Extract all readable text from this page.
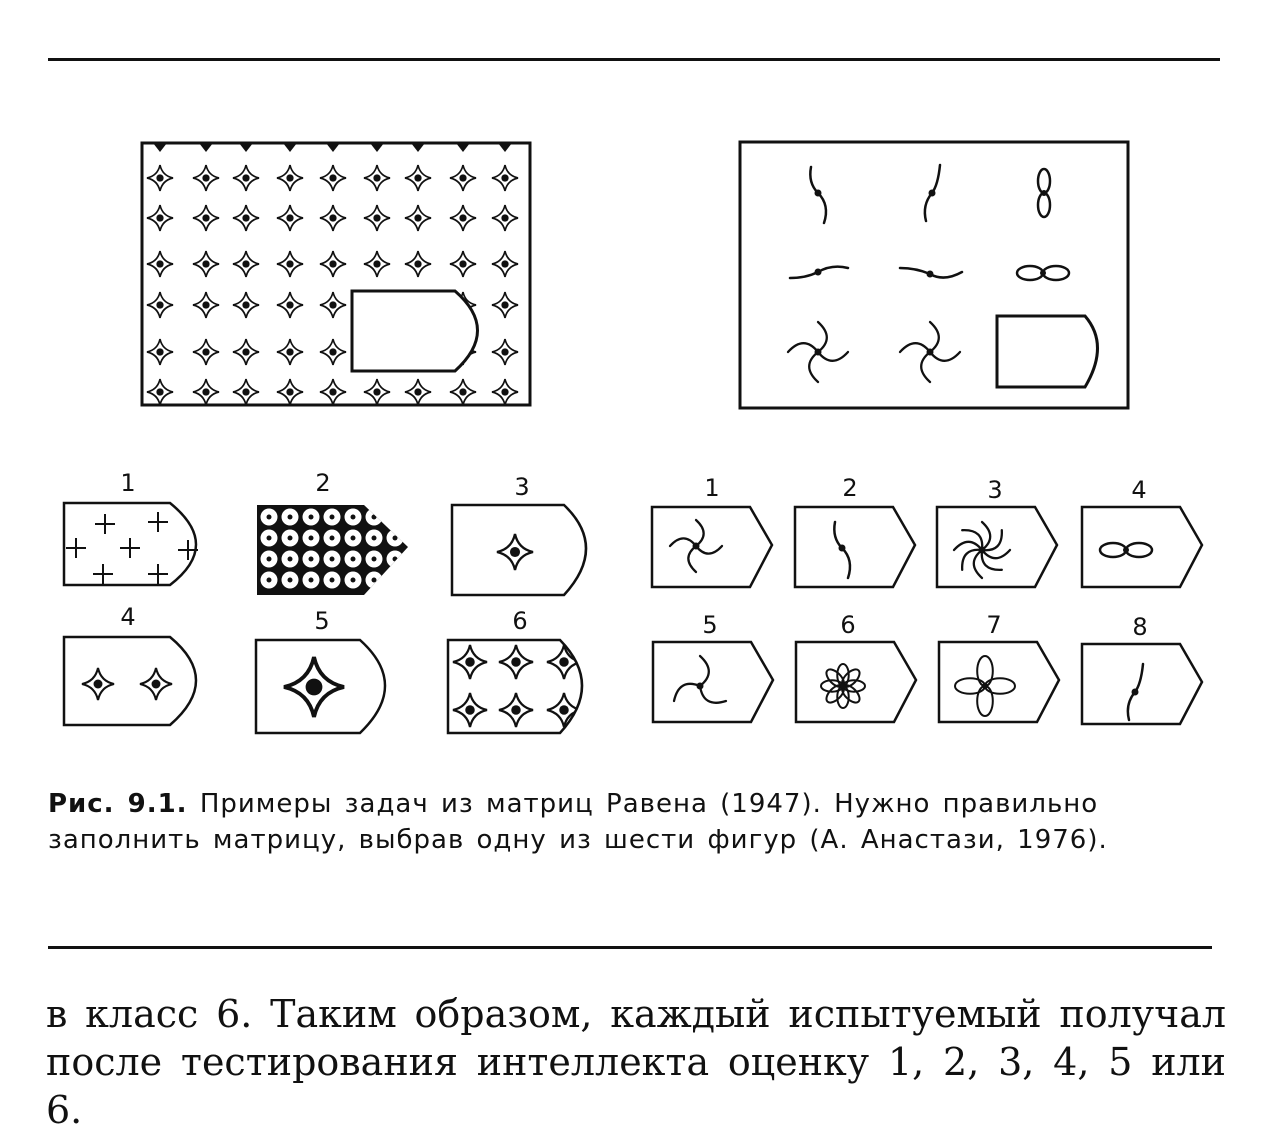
1	2	3
4	5	6
1	2	3	4
5	6	7	8
Рис. 9.1. Примеры задач из матриц Равена (1947). Нужно правильно заполнить матрицу, выбрав одну из шести фигур (А. Анастази, 1976).
в класс 6. Таким образом, каждый испытуемый получал после тестирования интеллекта оценку 1, 2, 3, 4, 5 или 6.
